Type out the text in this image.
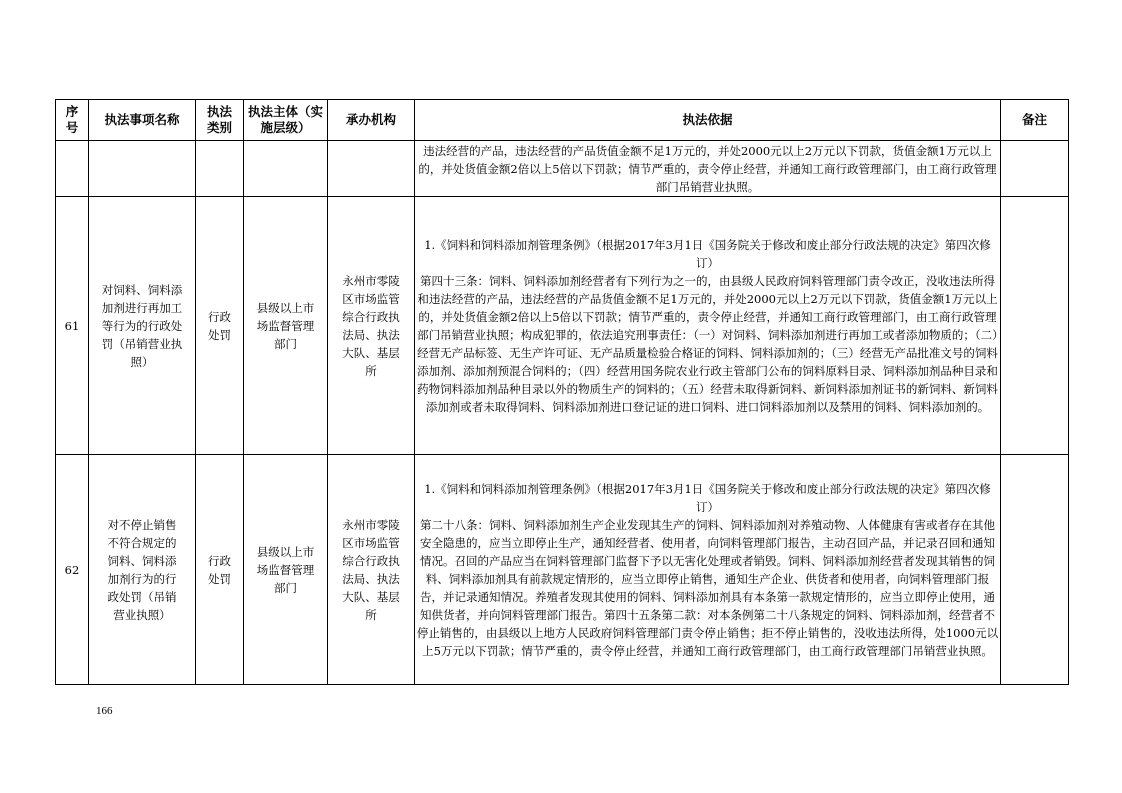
序号	执法事项名称	执法类别	执法主体（实施层级）	承办机构	执法依据	备注
					违法经营的产品，违法经营的产品货值金额不足1万元的，并处2000元以上2万元以下罚款，货值金额1万元以上的，并处货值金额2倍以上5倍以下罚款；情节严重的，责令停止经营，并通知工商行政管理部门，由工商行政管理部门吊销营业执照。	
61	对饲料、饲料添加剂进行再加工等行为的行政处罚（吊销营业执照）	行政处罚	县级以上市场监督管理部门	永州市零陵区市场监管综合行政执法局、执法大队、基层所	1.《饲料和饲料添加剂管理条例》（根据2017年3月1日《国务院关于修改和废止部分行政法规的决定》第四次修订）
第四十三条：饲料、饲料添加剂经营者有下列行为之一的，由县级人民政府饲料管理部门责令改正，没收违法所得和违法经营的产品，违法经营的产品货值金额不足1万元的，并处2000元以上2万元以下罚款，货值金额1万元以上的，并处货值金额2倍以上5倍以下罚款；情节严重的，责令停止经营，并通知工商行政管理部门，由工商行政管理部门吊销营业执照；构成犯罪的，依法追究刑事责任：（一）对饲料、饲料添加剂进行再加工或者添加物质的；（二）经营无产品标签、无生产许可证、无产品质量检验合格证的饲料、饲料添加剂的；（三）经营无产品批准文号的饲料添加剂、添加剂预混合饲料的；（四）经营用国务院农业行政主管部门公布的饲料原料目录、饲料添加剂品种目录和药物饲料添加剂品种目录以外的物质生产的饲料的；（五）经营未取得新饲料、新饲料添加剂证书的新饲料、新饲料添加剂或者未取得饲料、饲料添加剂进口登记证的进口饲料、进口饲料添加剂以及禁用的饲料、饲料添加剂的。	

62	对不停止销售不符合规定的饲料、饲料添加剂行为的行政处罚（吊销营业执照）	行政处罚	县级以上市场监督管理部门	永州市零陵区市场监管综合行政执法局、执法大队、基层所	1.《饲料和饲料添加剂管理条例》（根据2017年3月1日《国务院关于修改和废止部分行政法规的决定》第四次修订）
第二十八条：饲料、饲料添加剂生产企业发现其生产的饲料、饲料添加剂对养殖动物、人体健康有害或者存在其他安全隐患的，应当立即停止生产，通知经营者、使用者，向饲料管理部门报告，主动召回产品，并记录召回和通知情况。召回的产品应当在饲料管理部门监督下予以无害化处理或者销毁。饲料、饲料添加剂经营者发现其销售的饲料、饲料添加剂具有前款规定情形的，应当立即停止销售，通知生产企业、供货者和使用者，向饲料管理部门报告，并记录通知情况。养殖者发现其使用的饲料、饲料添加剂具有本条第一款规定情形的，应当立即停止使用，通知供货者，并向饲料管理部门报告。第四十五条第二款：对本条例第二十八条规定的饲料、饲料添加剂，经营者不停止销售的，由县级以上地方人民政府饲料管理部门责令停止销售；拒不停止销售的，没收违法所得，处1000元以上5万元以下罚款；情节严重的，责令停止经营，并通知工商行政管理部门，由工商行政管理部门吊销营业执照。	

166
